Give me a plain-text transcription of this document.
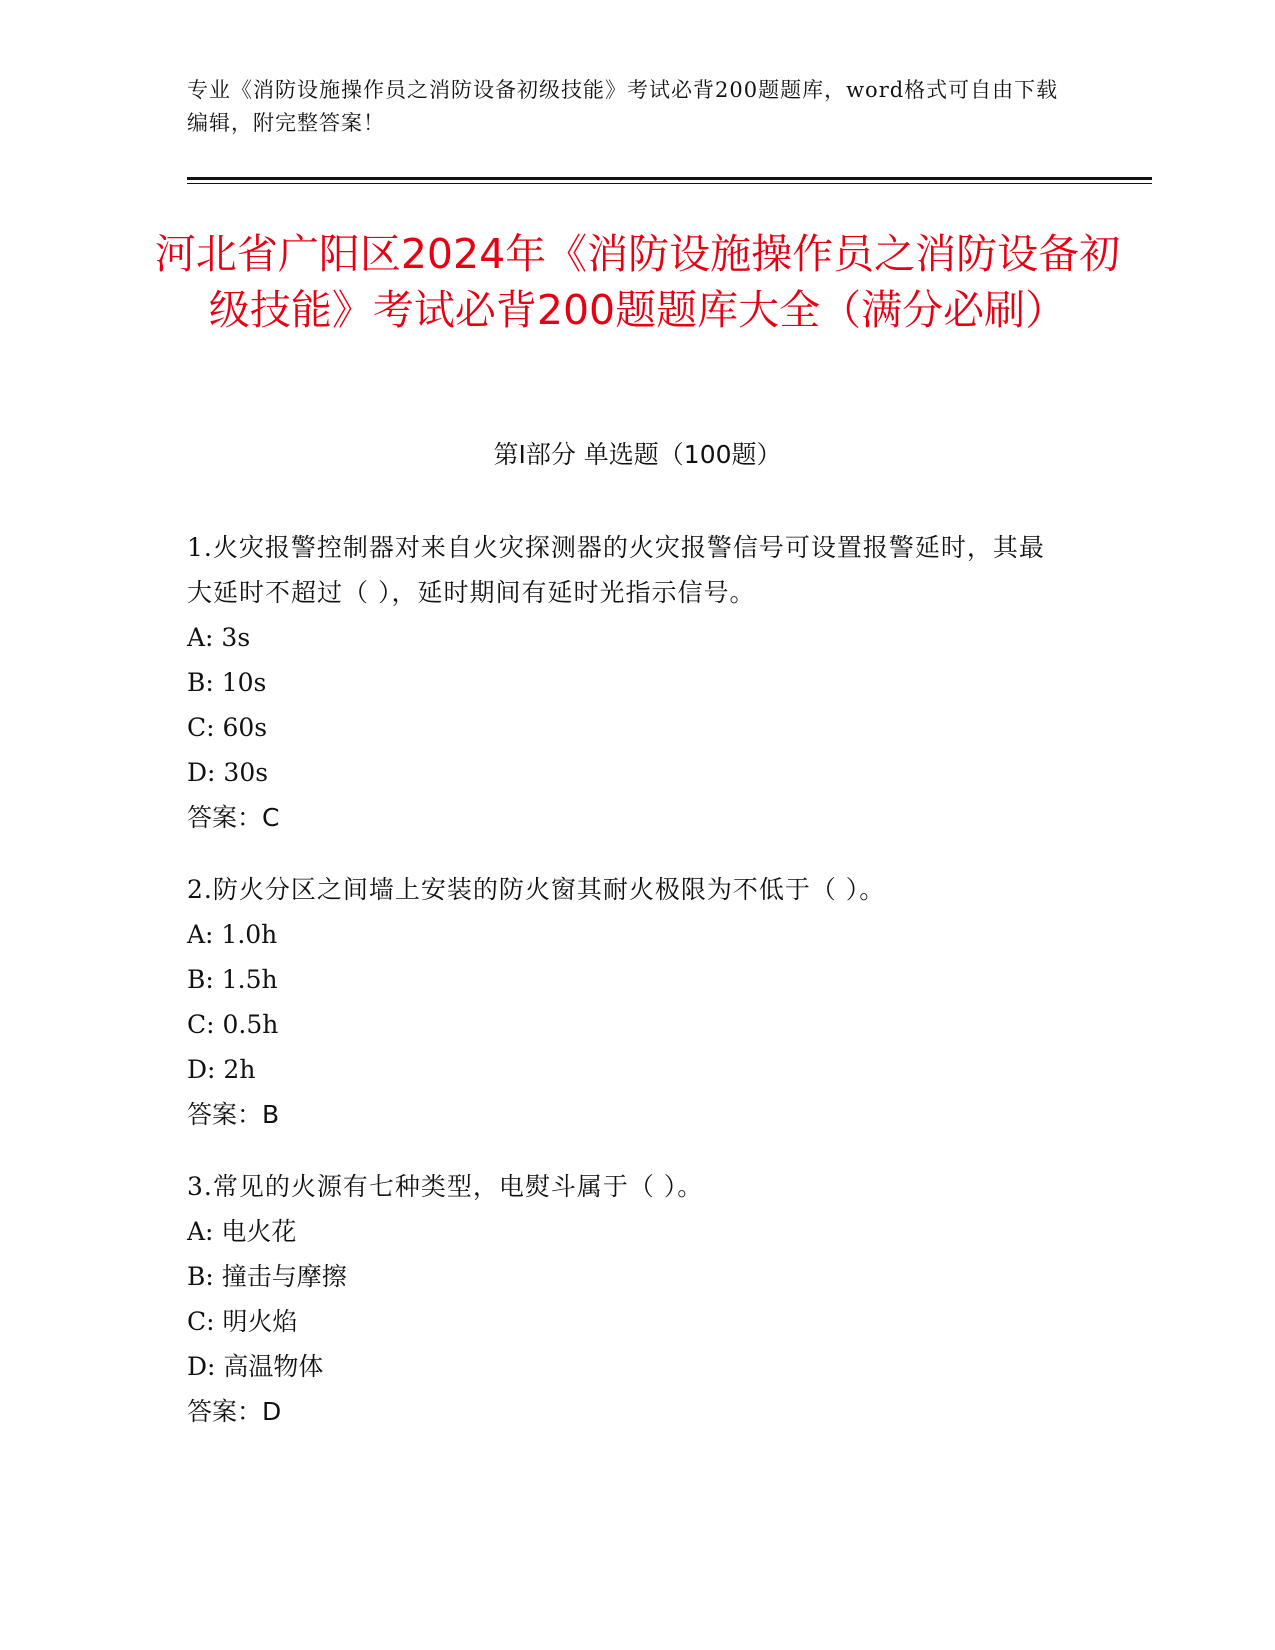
专业《消防设施操作员之消防设备初级技能》考试必背200题题库，word格式可自由下载编辑，附完整答案！
河北省广阳区2024年《消防设施操作员之消防设备初级技能》考试必背200题题库大全（满分必刷）
第I部分 单选题（100题）
1.火灾报警控制器对来自火灾探测器的火灾报警信号可设置报警延时，其最大延时不超过（ ），延时期间有延时光指示信号。
A: 3s
B: 10s
C: 60s
D: 30s
答案：C
2.防火分区之间墙上安装的防火窗其耐火极限为不低于（ ）。
A: 1.0h
B: 1.5h
C: 0.5h
D: 2h
答案：B
3.常见的火源有七种类型，电熨斗属于（ ）。
A: 电火花
B: 撞击与摩擦
C: 明火焰
D: 高温物体
答案：D
